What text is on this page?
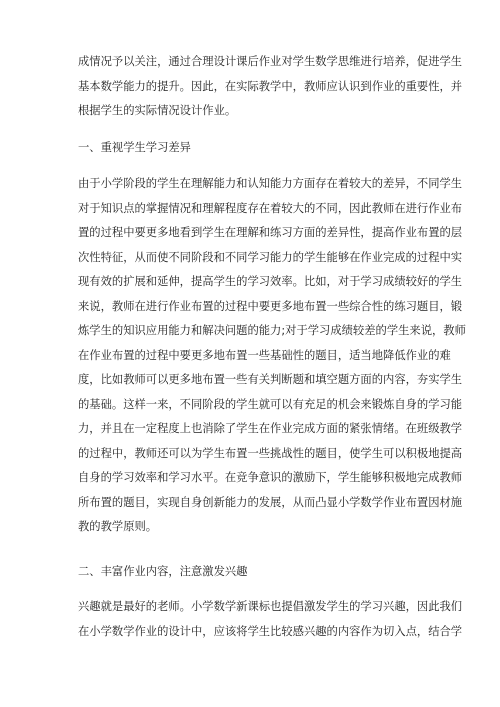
成情况予以关注，通过合理设计课后作业对学生数学思维进行培养，促进学生
基本数学能力的提升。因此，在实际教学中，教师应认识到作业的重要性，并
根据学生的实际情况设计作业。
一、重视学生学习差异
由于小学阶段的学生在理解能力和认知能力方面存在着较大的差异，不同学生
对于知识点的掌握情况和理解程度存在着较大的不同，因此教师在进行作业布
置的过程中要更多地看到学生在理解和练习方面的差异性，提高作业布置的层
次性特征，从而使不同阶段和不同学习能力的学生能够在作业完成的过程中实
现有效的扩展和延伸，提高学生的学习效率。比如，对于学习成绩较好的学生
来说，教师在进行作业布置的过程中要更多地布置一些综合性的练习题目，锻
炼学生的知识应用能力和解决问题的能力;对于学习成绩较差的学生来说，教师
在作业布置的过程中要更多地布置一些基础性的题目，适当地降低作业的难
度，比如教师可以更多地布置一些有关判断题和填空题方面的内容，夯实学生
的基础。这样一来，不同阶段的学生就可以有充足的机会来锻炼自身的学习能
力，并且在一定程度上也消除了学生在作业完成方面的紧张情绪。在班级教学
的过程中，教师还可以为学生布置一些挑战性的题目，使学生可以积极地提高
自身的学习效率和学习水平。在竞争意识的激励下，学生能够积极地完成教师
所布置的题目，实现自身创新能力的发展，从而凸显小学数学作业布置因材施
教的教学原则。
二、丰富作业内容，注意激发兴趣
兴趣就是最好的老师。小学数学新课标也提倡激发学生的学习兴趣，因此我们
在小学数学作业的设计中，应该将学生比较感兴趣的内容作为切入点，结合学
